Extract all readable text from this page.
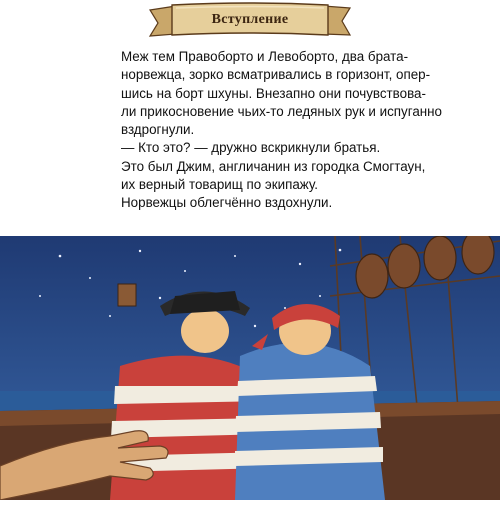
Вступление

Меж тем Правоборто и Левоборто, два брата-

норвежца, зорко всматривались в горизонт, опер-

шись на борт шхуны. Внезапно они почувствова-

ли прикосновение чьих-то ледяных рук и испуганно

вздрогнули.

— Кто это? — дружно вскрикнули братья.

Это был Джим, англичанин из городка Смогтаун,

их верный товарищ по экипажу.

Норвежцы облегчённо вздохнули.
